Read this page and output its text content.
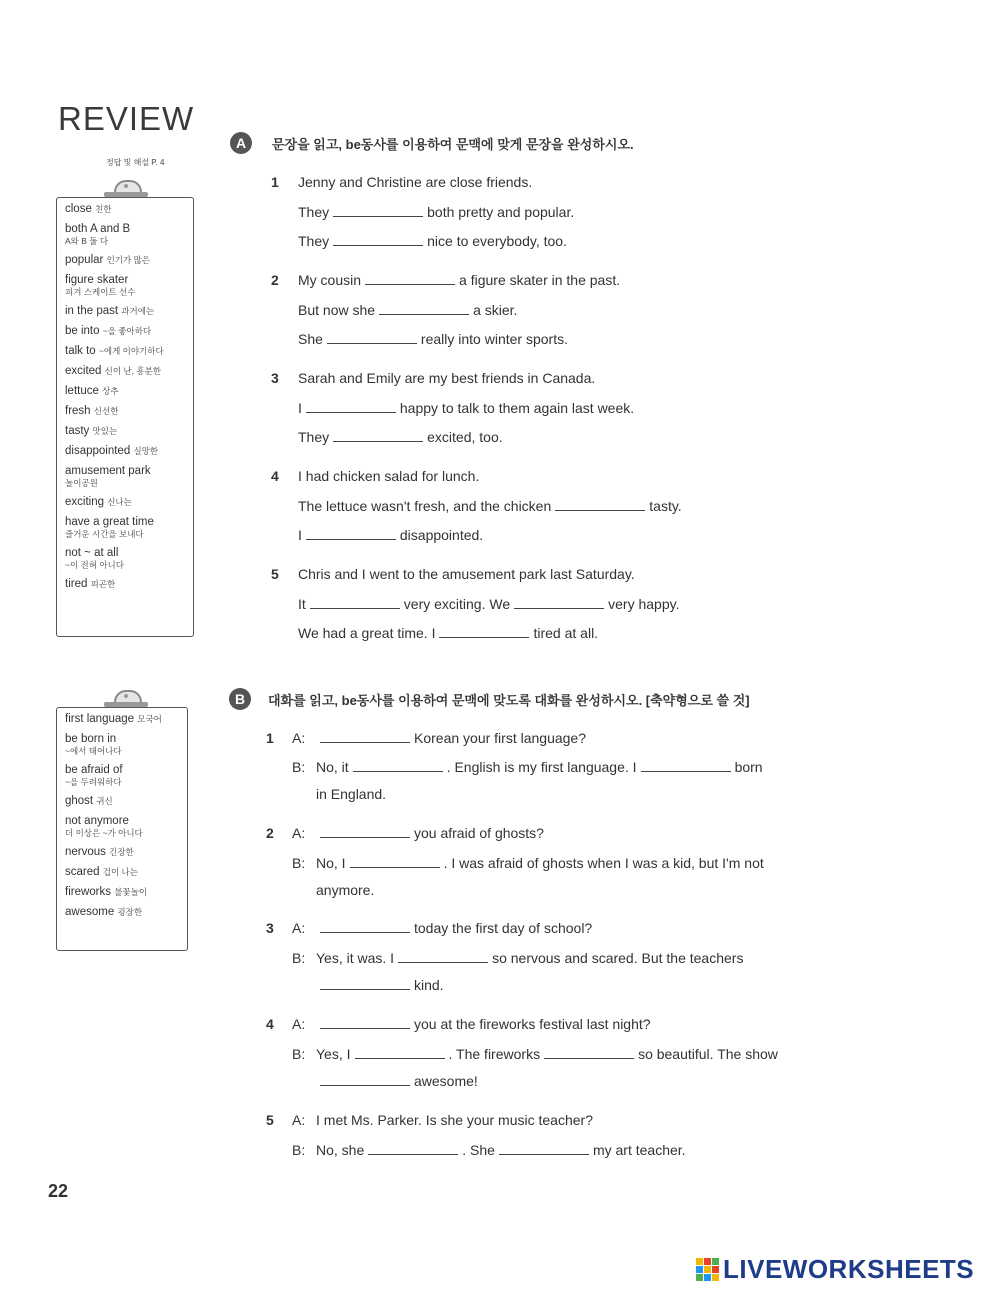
REVIEW
정답 및 해설 P. 4
close 친한
both A and B
A와 B 둘 다
popular 인기가 많은
figure skater
피겨 스케이트 선수
in the past 과거에는
be into ~을 좋아하다
talk to ~에게 이야기하다
excited 신이 난, 흥분한
lettuce 상추
fresh 신선한
tasty 맛있는
disappointed 실망한
amusement park
놀이공원
exciting 신나는
have a great time
즐거운 시간을 보내다
not ~ at all
~이 전혀 아니다
tired 피곤한
first language 모국어
be born in
~에서 태어나다
be afraid of
~을 두려워하다
ghost 귀신
not anymore
더 이상은 ~가 아니다
nervous 긴장한
scared 겁이 나는
fireworks 불꽃놀이
awesome 굉장한
A	문장을 읽고, be동사를 이용하여 문맥에 맞게 문장을 완성하시오.
1 Jenny and Christine are close friends.
They	both pretty and popular.
They	nice to everybody, too.
2 My cousin	a figure skater in the past.
But now she	a skier.
She	really into winter sports.
3 Sarah and Emily are my best friends in Canada.
I	happy to talk to them again last week.
They	excited, too.
4 I had chicken salad for lunch.
The lettuce wasn't fresh, and the chicken	tasty.
I	disappointed.
5 Chris and I went to the amusement park last Saturday.
It	very exciting. We	very happy.
We had a great time. I	tired at all.
B	대화를 읽고, be동사를 이용하여 문맥에 맞도록 대화를 완성하시오. [축약형으로 쓸 것]
1 A:	Korean your first language?
B: No, it	. English is my first language. I	born
in England.
2 A:	you afraid of ghosts?
B: No, I	. I was afraid of ghosts when I was a kid, but I'm not
anymore.
3 A:	today the first day of school?
B: Yes, it was. I	so nervous and scared. But the teachers
kind.
4 A:	you at the fireworks festival last night?
B: Yes, I	. The fireworks	so beautiful. The show
awesome!
5 A: I met Ms. Parker. Is she your music teacher?
B: No, she	. She	my art teacher.
22
LIVEWORKSHEETS
